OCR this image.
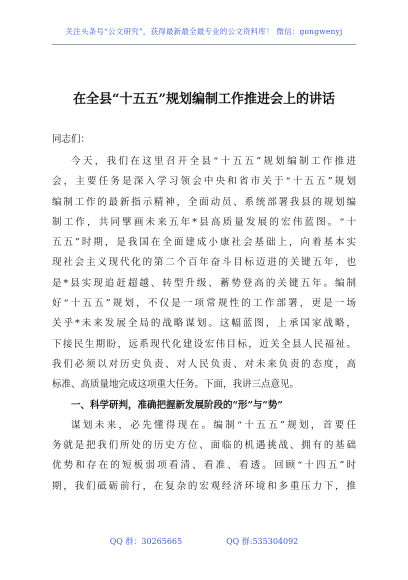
关注头条号“公文研究”，获得最新最全最专业的公文资料库！ 微信：gongwenyj
在全县“十五五”规划编制工作推进会上的讲话
同志们：
今天，我们在这里召开全县“十五五”规划编制工作推进
会，主要任务是深入学习领会中央和省市关于“十五五”规划
编制工作的最新指示精神，全面动员、系统部署我县的规划编
制工作，共同擘画未来五年*县高质量发展的宏伟蓝图。“十
五五”时期，是我国在全面建成小康社会基础上，向着基本实
现社会主义现代化的第二个百年奋斗目标迈进的关键五年，也
是*县实现追赶超越、转型升级、蓄势登高的关键五年。编制
好“十五五”规划，不仅是一项常规性的工作部署，更是一场
关乎*未来发展全局的战略谋划。这幅蓝图，上承国家战略，
下接民生期盼，远系现代化建设宏伟目标，近关全县人民福祉。
我们必须以对历史负责、对人民负责、对未来负责的态度，高
标准、高质量地完成这项重大任务。下面，我讲三点意见。
一、科学研判，准确把握新发展阶段的“形”与“势”
谋划未来，必先懂得现在。编制“十五五”规划，首要任
务就是把我们所处的历史方位、面临的机遇挑战、拥有的基础
优势和存在的短板弱项看清、看准、看透。回顾“十四五”时
期，我们砥砺前行，在复杂的宏观经济环境和多重压力下，推
QQ 群：30265665	QQ 群:535304092
